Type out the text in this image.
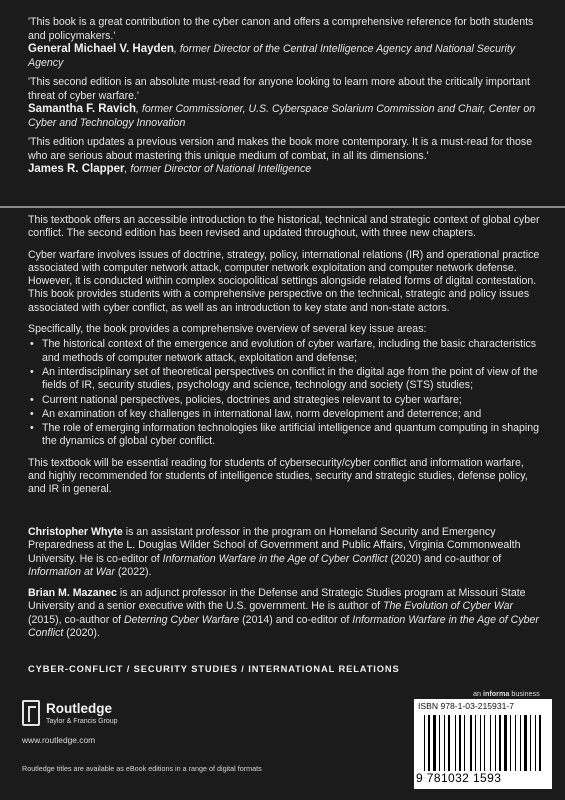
'This book is a great contribution to the cyber canon and offers a comprehensive reference for both students and policymakers.'
General Michael V. Hayden, former Director of the Central Intelligence Agency and National Security Agency
'This second edition is an absolute must-read for anyone looking to learn more about the critically important threat of cyber warfare.'
Samantha F. Ravich, former Commissioner, U.S. Cyberspace Solarium Commission and Chair, Center on Cyber and Technology Innovation
'This edition updates a previous version and makes the book more contemporary. It is a must-read for those who are serious about mastering this unique medium of combat, in all its dimensions.'
James R. Clapper, former Director of National Intelligence

This textbook offers an accessible introduction to the historical, technical and strategic context of global cyber conflict. The second edition has been revised and updated throughout, with three new chapters.

Cyber warfare involves issues of doctrine, strategy, policy, international relations (IR) and operational practice associated with computer network attack, computer network exploitation and computer network defense. However, it is conducted within complex sociopolitical settings alongside related forms of digital contestation. This book provides students with a comprehensive perspective on the technical, strategic and policy issues associated with cyber conflict, as well as an introduction to key state and non-state actors.

Specifically, the book provides a comprehensive overview of several key issue areas:

• The historical context of the emergence and evolution of cyber warfare, including the basic characteristics and methods of computer network attack, exploitation and defense;
• An interdisciplinary set of theoretical perspectives on conflict in the digital age from the point of view of the fields of IR, security studies, psychology and science, technology and society (STS) studies;
• Current national perspectives, policies, doctrines and strategies relevant to cyber warfare;
• An examination of key challenges in international law, norm development and deterrence; and
• The role of emerging information technologies like artificial intelligence and quantum computing in shaping the dynamics of global cyber conflict.

This textbook will be essential reading for students of cybersecurity/cyber conflict and information warfare, and highly recommended for students of intelligence studies, security and strategic studies, defense policy, and IR in general.

Christopher Whyte is an assistant professor in the program on Homeland Security and Emergency Preparedness at the L. Douglas Wilder School of Government and Public Affairs, Virginia Commonwealth University. He is co-editor of Information Warfare in the Age of Cyber Conflict (2020) and co-author of Information at War (2022).

Brian M. Mazanec is an adjunct professor in the Defense and Strategic Studies program at Missouri State University and a senior executive with the U.S. government. He is author of The Evolution of Cyber War (2015), co-author of Deterring Cyber Warfare (2014) and co-editor of Information Warfare in the Age of Cyber Conflict (2020).

CYBER-CONFLICT / SECURITY STUDIES / INTERNATIONAL RELATIONS
Routledge
Taylor & Francis Group
www.routledge.com
Routledge titles are available as eBook editions in a range of digital formats
an informa business
ISBN 978-1-03-215931-7
9 781032 1593
